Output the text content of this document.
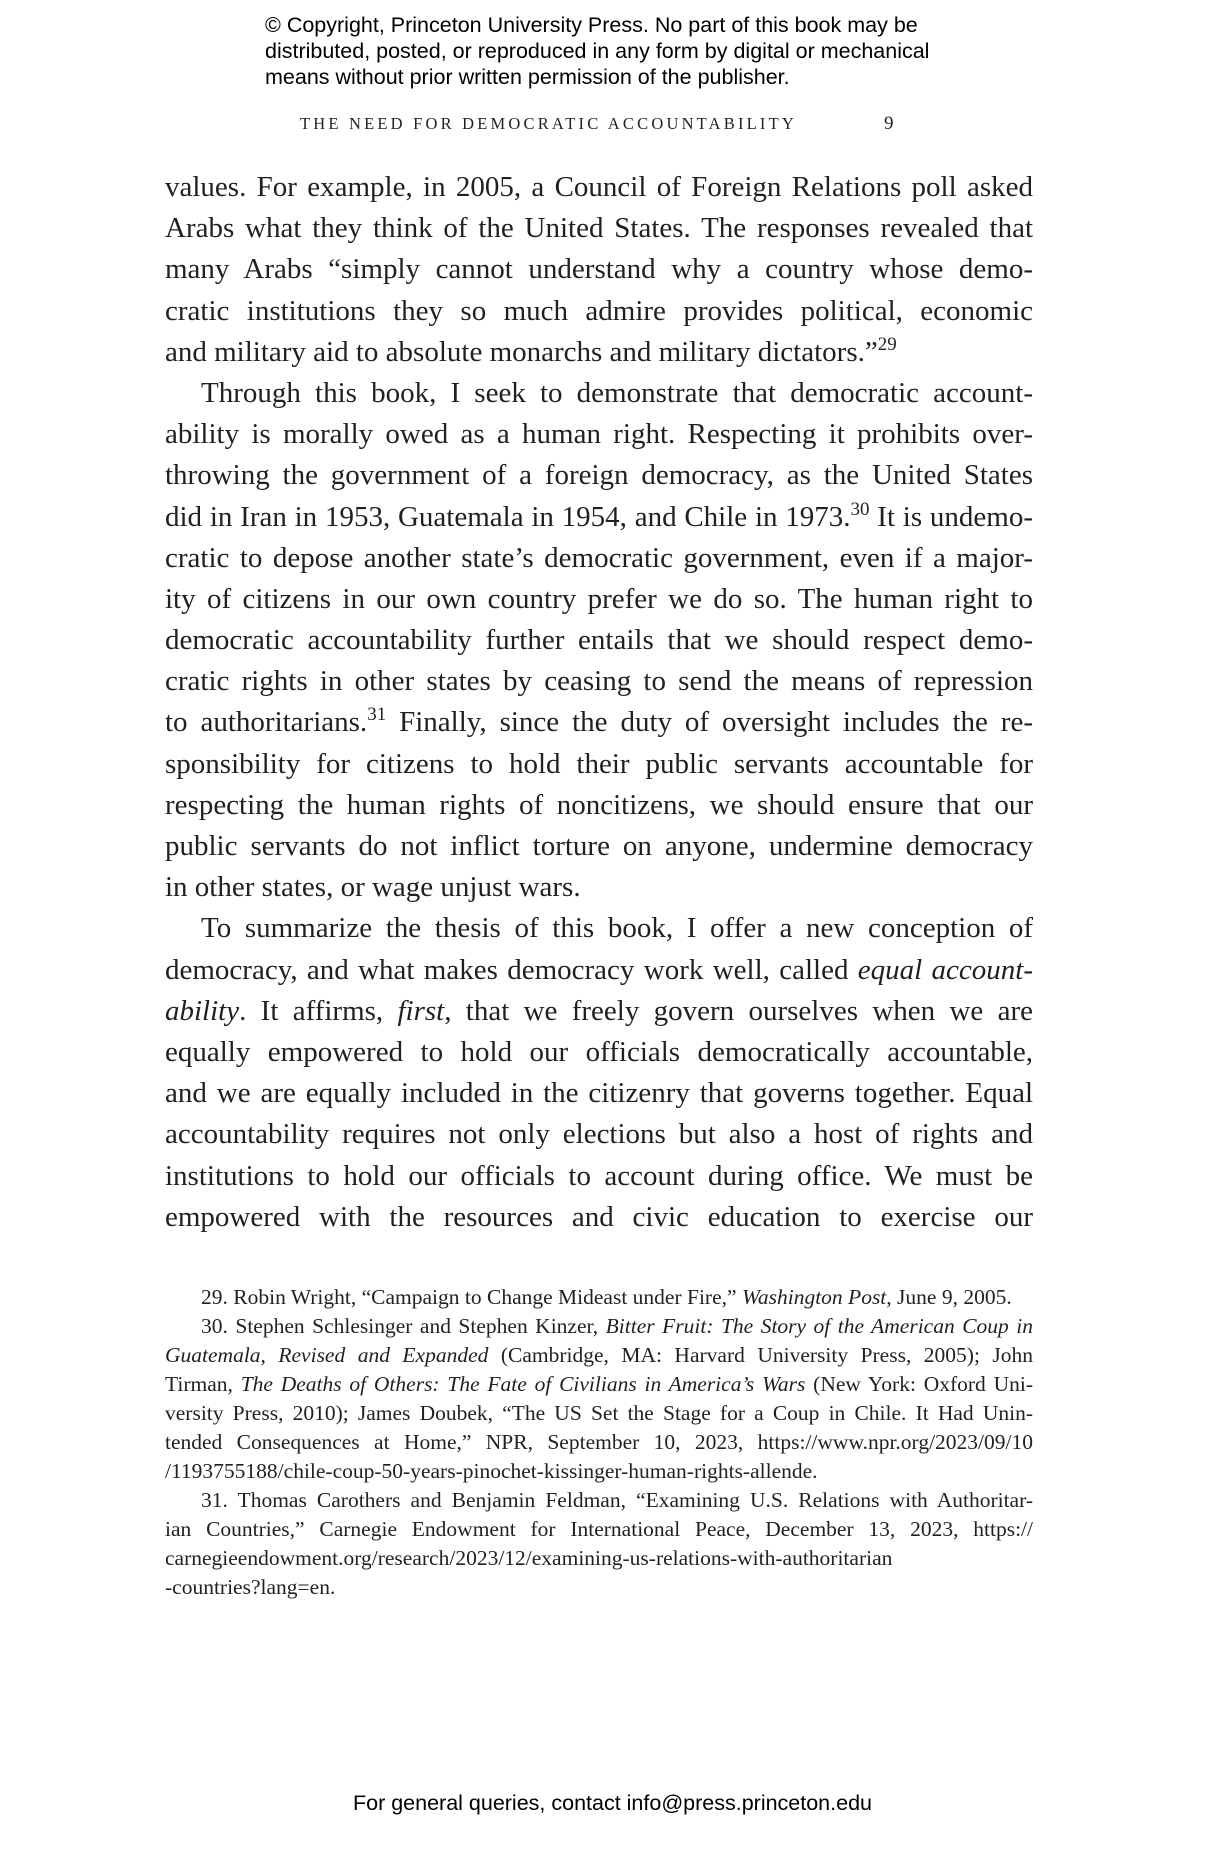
© Copyright, Princeton University Press. No part of this book may be
distributed, posted, or reproduced in any form by digital or mechanical
means without prior written permission of the publisher.
THE NEED FOR DEMOCRATIC ACCOUNTABILITY	9
values. For example, in 2005, a Council of Foreign Relations poll asked
Arabs what they think of the United States. The responses revealed that
many Arabs “simply cannot understand why a country whose demo-
cratic institutions they so much admire provides political, economic
and military aid to absolute monarchs and military dictators.”$^{29}$
Through this book, I seek to demonstrate that democratic account-
ability is morally owed as a human right. Respecting it prohibits over-
throwing the government of a foreign democracy, as the United States
did in Iran in 1953, Guatemala in 1954, and Chile in 1973.30 It is undemo-
cratic to depose another state’s democratic government, even if a major-
ity of citizens in our own country prefer we do so. The human right to
democratic accountability further entails that we should respect demo-
cratic rights in other states by ceasing to send the means of repression
to authoritarians.$^{31}$ Finally, since the duty of oversight includes the re-
sponsibility for citizens to hold their public servants accountable for
respecting the human rights of noncitizens, we should ensure that our
public servants do not inflict torture on anyone, undermine democracy
in other states, or wage unjust wars.
To summarize the thesis of this book, I offer a new conception of
democracy, and what makes democracy work well, called equal account-
ability. It affirms, first, that we freely govern ourselves when we are
equally empowered to hold our officials democratically accountable,
and we are equally included in the citizenry that governs together. Equal
accountability requires not only elections but also a host of rights and
institutions to hold our officials to account during office. We must be
empowered with the resources and civic education to exercise our
29. Robin Wright, “Campaign to Change Mideast under Fire,” Washington Post, June 9, 2005.
30. Stephen Schlesinger and Stephen Kinzer, Bitter Fruit: The Story of the American Coup in
Guatemala, Revised and Expanded (Cambridge, MA: Harvard University Press, 2005); John
Tirman, The Deaths of Others: The Fate of Civilians in America’s Wars (New York: Oxford Uni-
versity Press, 2010); James Doubek, “The US Set the Stage for a Coup in Chile. It Had Unin-
tended Consequences at Home,” NPR, September 10, 2023, https://www.npr.org/2023/09/10
/1193755188/chile-coup-50-years-pinochet-kissinger-human-rights-allende.
31. Thomas Carothers and Benjamin Feldman, “Examining U.S. Relations with Authoritar-
ian Countries,” Carnegie Endowment for International Peace, December 13, 2023, https://
carnegieendowment.org/research/2023/12/examining-us-relations-with-authoritarian
-countries?lang=en.
For general queries, contact info@press.princeton.edu
